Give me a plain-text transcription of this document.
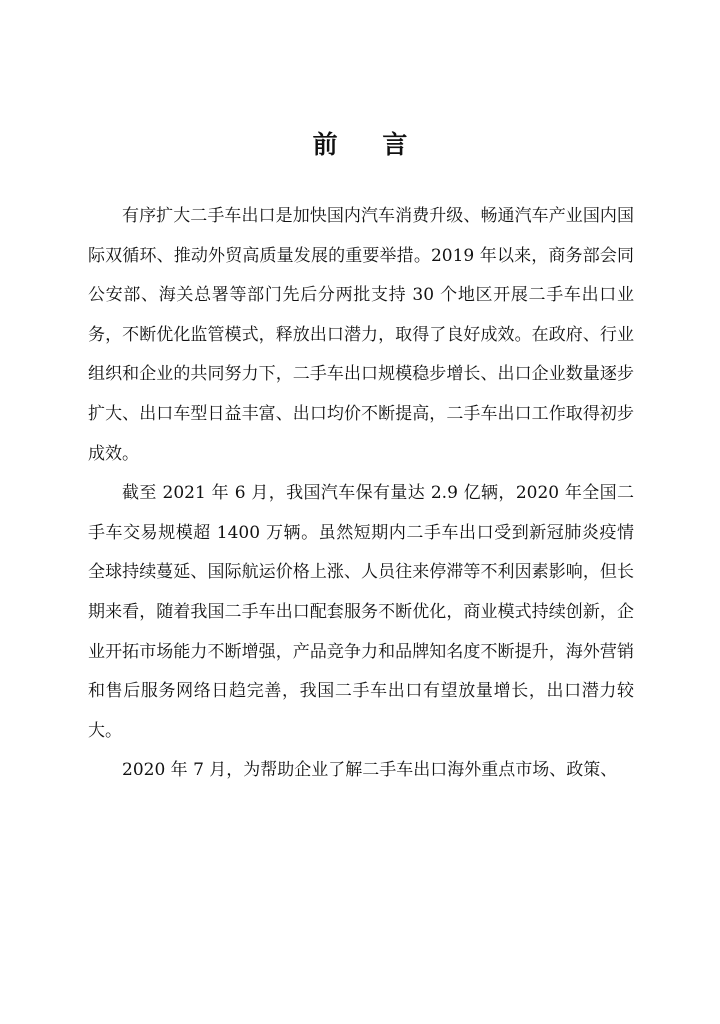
前 言

有序扩大二手车出口是加快国内汽车消费升级、畅通汽车产业国内国际双循环、推动外贸高质量发展的重要举措。2019 年以来，商务部会同公安部、海关总署等部门先后分两批支持 30 个地区开展二手车出口业务，不断优化监管模式，释放出口潜力，取得了良好成效。在政府、行业组织和企业的共同努力下，二手车出口规模稳步增长、出口企业数量逐步扩大、出口车型日益丰富、出口均价不断提高，二手车出口工作取得初步成效。

截至 2021 年 6 月，我国汽车保有量达 2.9 亿辆，2020 年全国二手车交易规模超 1400 万辆。虽然短期内二手车出口受到新冠肺炎疫情全球持续蔓延、国际航运价格上涨、人员往来停滞等不利因素影响，但长期来看，随着我国二手车出口配套服务不断优化，商业模式持续创新，企业开拓市场能力不断增强，产品竞争力和品牌知名度不断提升，海外营销和售后服务网络日趋完善，我国二手车出口有望放量增长，出口潜力较大。

2020 年 7 月，为帮助企业了解二手车出口海外重点市场、政策、
